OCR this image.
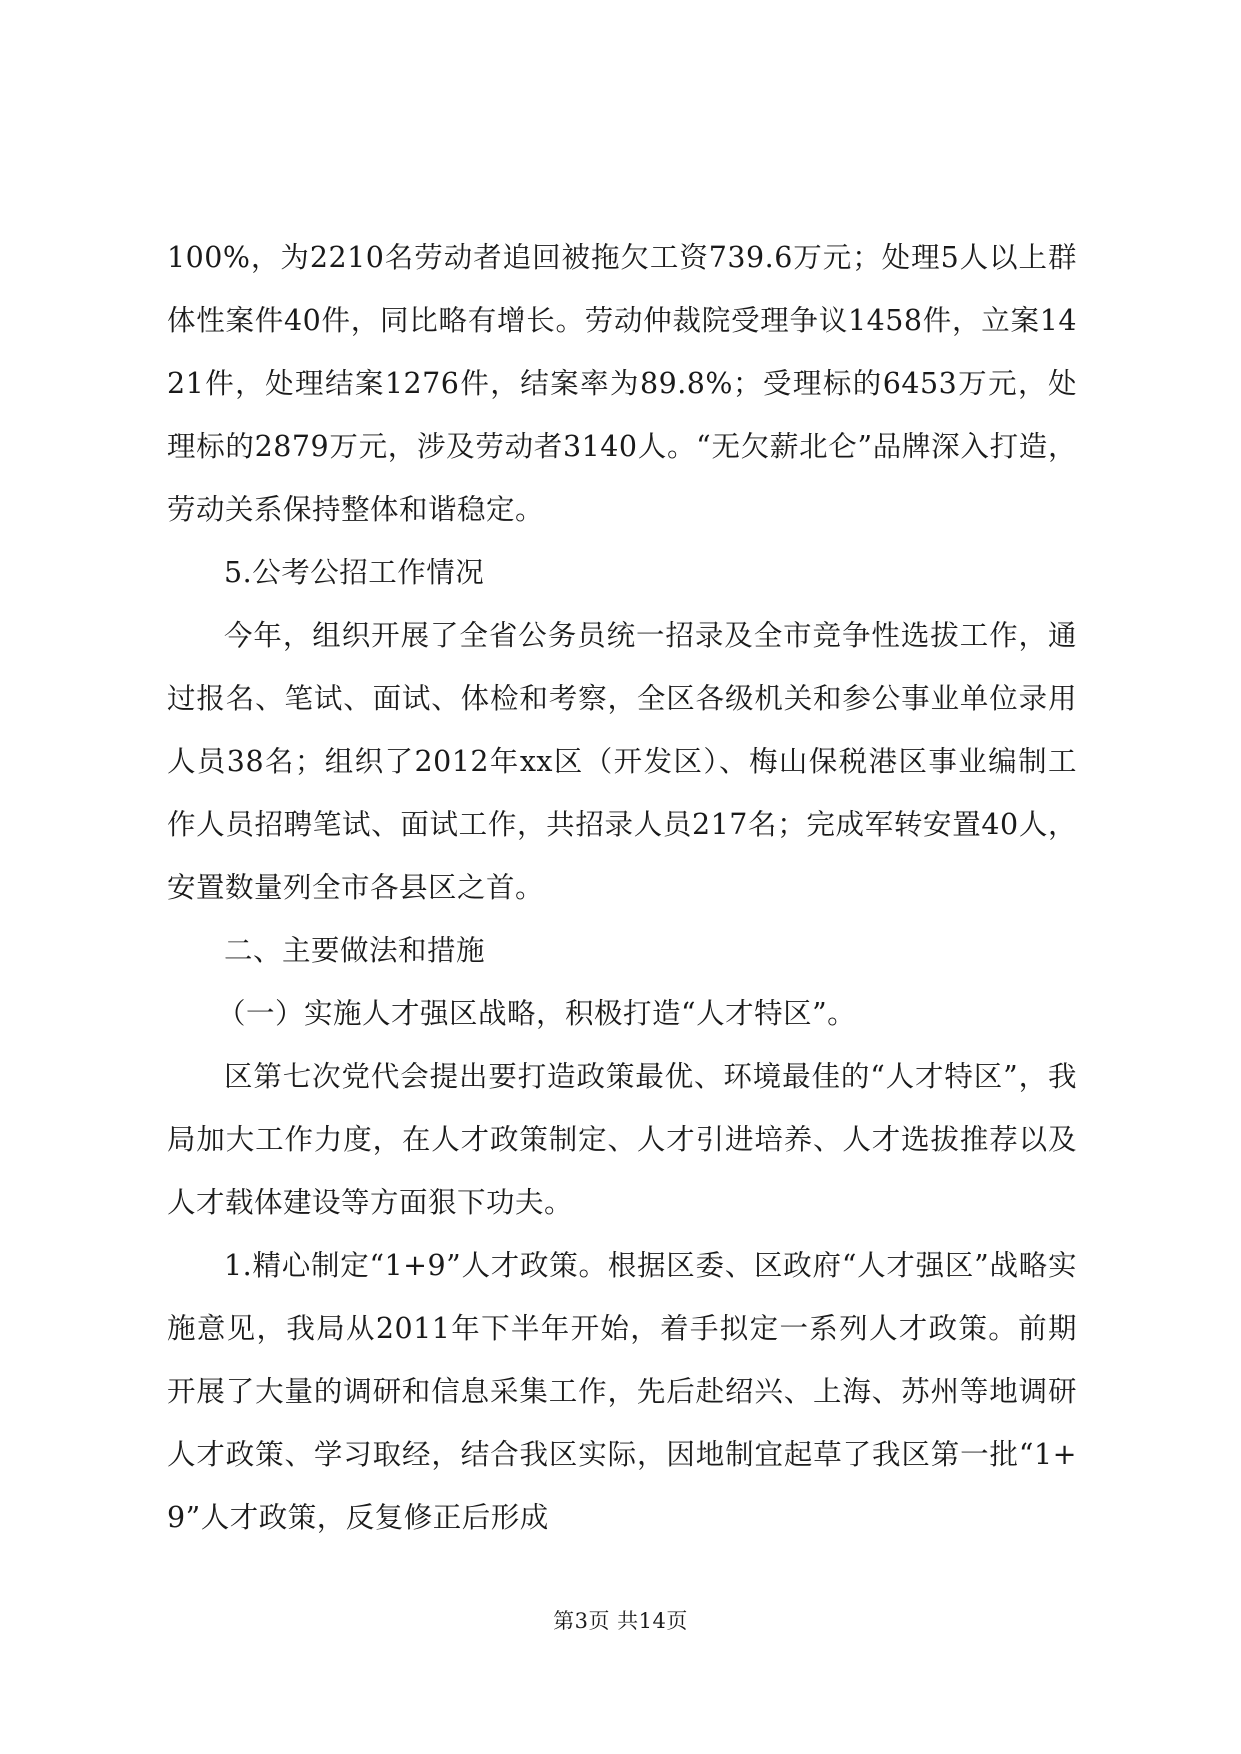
100%，为2210名劳动者追回被拖欠工资739.6万元；处理5人以上群体性案件40件，同比略有增长。劳动仲裁院受理争议1458件，立案1421件，处理结案1276件，结案率为89.8%；受理标的6453万元，处理标的2879万元，涉及劳动者3140人。“无欠薪北仑”品牌深入打造，劳动关系保持整体和谐稳定。

5.公考公招工作情况

今年，组织开展了全省公务员统一招录及全市竞争性选拔工作，通过报名、笔试、面试、体检和考察，全区各级机关和参公事业单位录用人员38名；组织了2012年xx区（开发区）、梅山保税港区事业编制工作人员招聘笔试、面试工作，共招录人员217名；完成军转安置40人，安置数量列全市各县区之首。

二、主要做法和措施

（一）实施人才强区战略，积极打造“人才特区”。

区第七次党代会提出要打造政策最优、环境最佳的“人才特区”，我局加大工作力度，在人才政策制定、人才引进培养、人才选拔推荐以及人才载体建设等方面狠下功夫。

1.精心制定“1+9”人才政策。根据区委、区政府“人才强区”战略实施意见，我局从2011年下半年开始，着手拟定一系列人才政策。前期开展了大量的调研和信息采集工作，先后赴绍兴、上海、苏州等地调研人才政策、学习取经，结合我区实际，因地制宜起草了我区第一批“1+9”人才政策，反复修正后形成

第3页 共14页
